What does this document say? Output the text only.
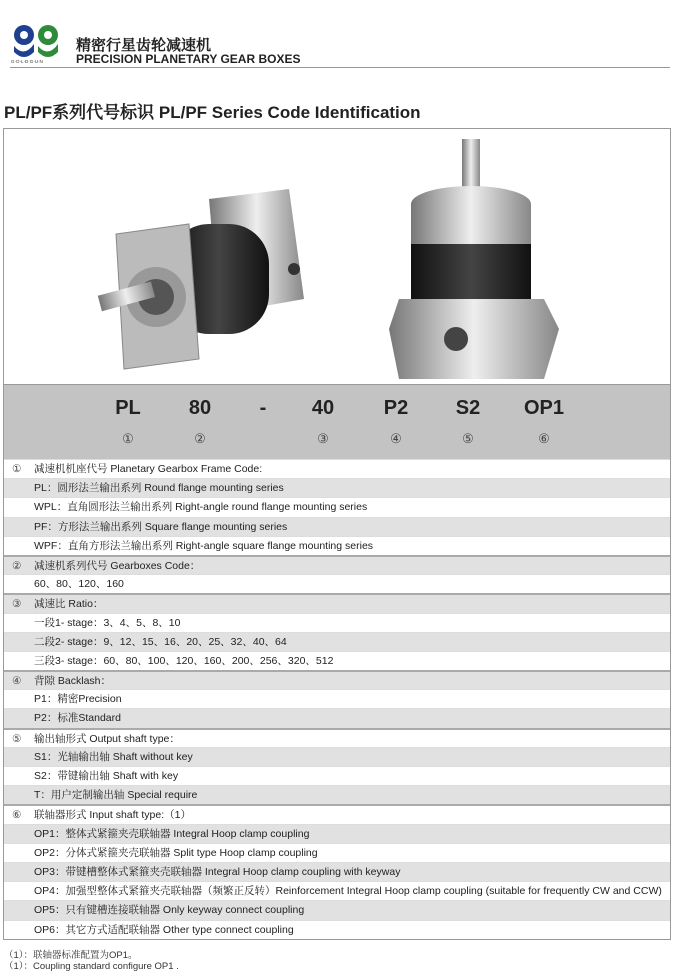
G·O·L·D·G·U·N
精密行星齿轮减速机
PRECISION PLANETARY GEAR BOXES
PL/PF系列代号标识 PL/PF Series Code Identification
PL 80 - 40 P2 S2 OP1
①	②	③	④	⑤	⑥
① 减速机机座代号 Planetary Gearbox Frame Code:
PL：圆形法兰输出系列 Round flange mounting series
WPL：直角圆形法兰输出系列 Right-angle round flange mounting series
PF：方形法兰输出系列 Square flange mounting series
WPF：直角方形法兰输出系列 Right-angle square flange mounting series
② 减速机系列代号 Gearboxes Code：
60、80、120、160
③ 减速比 Ratio：
一段1- stage：3、4、5、8、10
二段2- stage：9、12、15、16、20、25、32、40、64
三段3- stage：60、80、100、120、160、200、256、320、512
④ 背隙 Backlash：
P1：精密Precision
P2：标准Standard
⑤ 输出轴形式 Output shaft type：
S1：光轴输出轴 Shaft without key
S2：带键输出轴 Shaft with key
T：用户定制输出轴 Special require
⑥ 联轴器形式 Input shaft type:（1）
OP1：整体式紧箍夹壳联轴器 Integral Hoop clamp coupling
OP2：分体式紧箍夹壳联轴器 Split type Hoop clamp coupling
OP3：带键槽整体式紧箍夹壳联轴器 Integral Hoop clamp coupling with keyway
OP4：加强型整体式紧箍夹壳联轴器（频繁正反转）Reinforcement Integral Hoop clamp coupling (suitable for frequently CW and CCW)
OP5：只有键槽连接联轴器 Only keyway connect coupling
OP6：其它方式适配联轴器 Other type connect coupling
（1）：联轴器标准配置为OP1。
（1）：Coupling standard configure OP1 .
